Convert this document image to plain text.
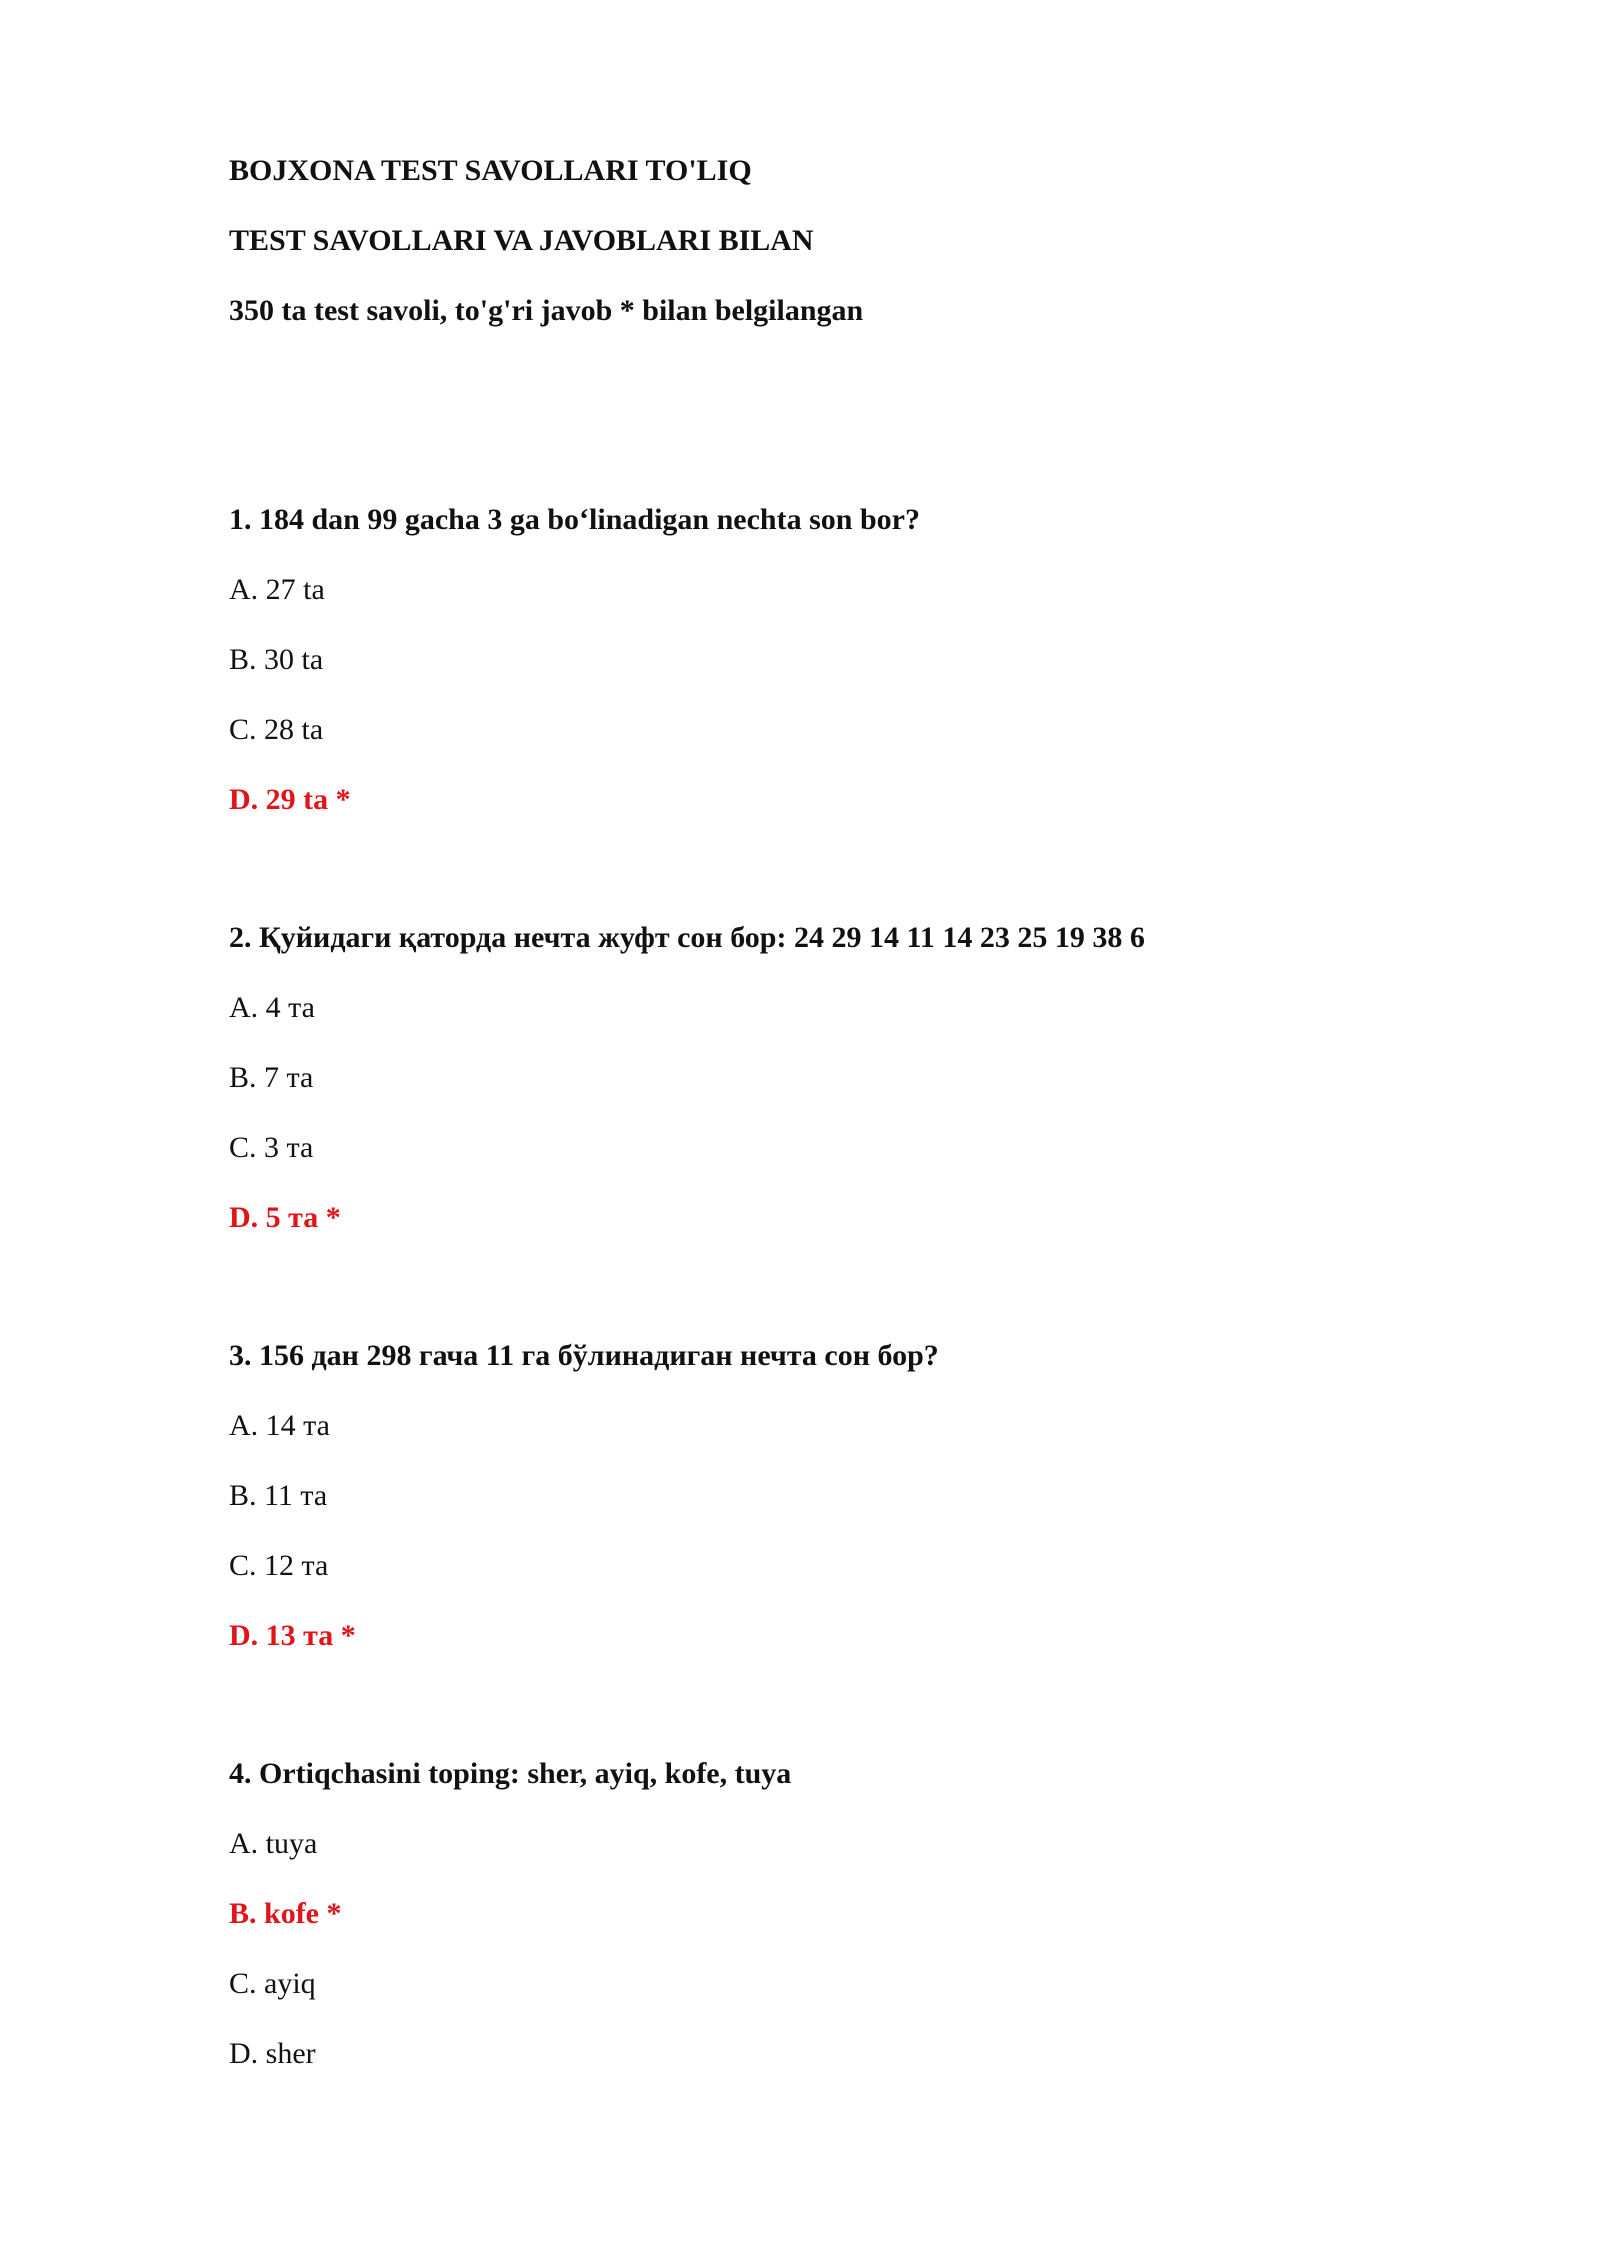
BOJXONA TEST SAVOLLARI TO'LIQ
TEST SAVOLLARI VA JAVOBLARI BILAN
350 ta test savoli, to'g'ri javob * bilan belgilangan
1. 184 dan 99 gacha 3 ga bo‘linadigan nechta son bor?
A. 27 ta
B. 30 ta
C. 28 ta
D. 29 ta *
2. Қуйидаги қаторда нечта жуфт сон бор: 24 29 14 11 14 23 25 19 38 6
A. 4 та
B. 7 та
C. 3 та
D. 5 та *
3. 156 дан 298 гача 11 га бўлинадиган нечта сон бор?
A. 14 та
B. 11 та
C. 12 та
D. 13 та *
4. Ortiqchasini toping: sher, ayiq, kofe, tuya
A. tuya
B. kofe *
C. ayiq
D. sher
